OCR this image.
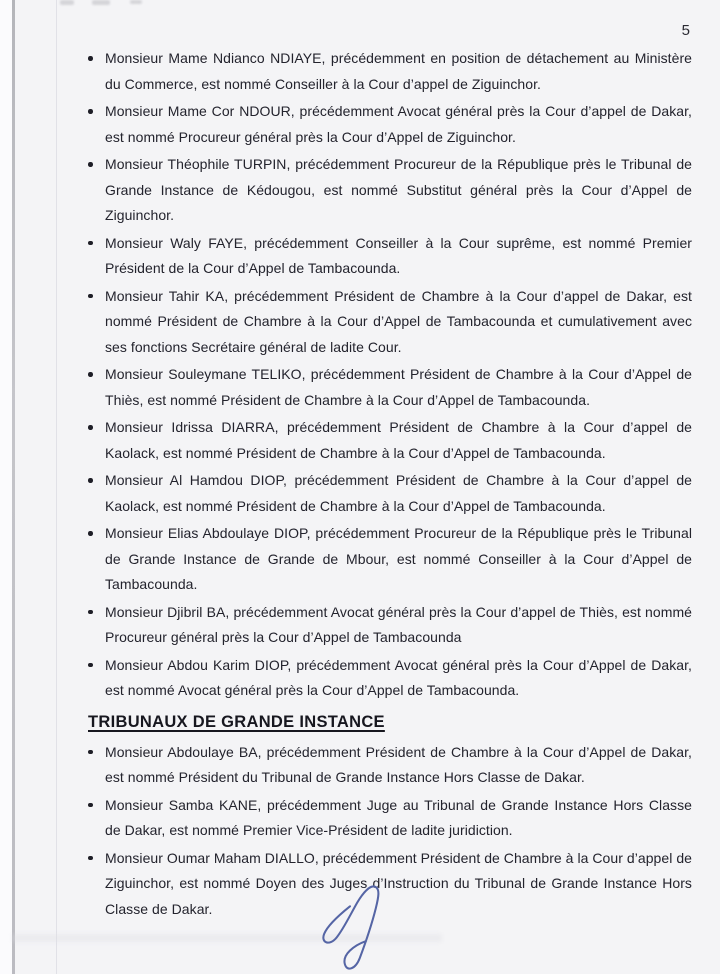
5
Monsieur Mame Ndianco NDIAYE, précédemment en position de détachement au Ministère du Commerce, est nommé Conseiller à la Cour d’appel de Ziguinchor.
Monsieur Mame Cor NDOUR, précédemment Avocat général près la Cour d’appel de Dakar, est nommé Procureur général près la Cour d’Appel de Ziguinchor.
Monsieur Théophile TURPIN, précédemment Procureur de la République près le Tribunal de Grande Instance de Kédougou, est nommé Substitut général près la Cour d’Appel de Ziguinchor.
Monsieur Waly FAYE, précédemment Conseiller à la Cour suprême, est nommé Premier Président de la Cour d’Appel de Tambacounda.
Monsieur Tahir KA, précédemment Président de Chambre à la Cour d’appel de Dakar, est nommé Président de Chambre à la Cour d’Appel de Tambacounda et cumulativement avec ses fonctions Secrétaire général de ladite Cour.
Monsieur Souleymane TELIKO, précédemment Président de Chambre à la Cour d’Appel de Thiès, est nommé Président de Chambre à la Cour d’Appel de Tambacounda.
Monsieur Idrissa DIARRA, précédemment Président de Chambre à la Cour d’appel de Kaolack, est nommé Président de Chambre à la Cour d’Appel de Tambacounda.
Monsieur Al Hamdou DIOP, précédemment Président de Chambre à la Cour d’appel de Kaolack, est nommé Président de Chambre à la Cour d’Appel de Tambacounda.
Monsieur Elias Abdoulaye DIOP, précédemment Procureur de la République près le Tribunal de Grande Instance de Grande de Mbour, est nommé Conseiller à la Cour d’Appel de Tambacounda.
Monsieur Djibril BA, précédemment Avocat général près la Cour d’appel de Thiès, est nommé Procureur général près la Cour d’Appel de Tambacounda
Monsieur Abdou Karim DIOP, précédemment Avocat général près la Cour d’Appel de Dakar, est nommé Avocat général près la Cour d’Appel de Tambacounda.
TRIBUNAUX DE GRANDE INSTANCE
Monsieur Abdoulaye BA, précédemment Président de Chambre à la Cour d’Appel de Dakar, est nommé Président du Tribunal de Grande Instance Hors Classe de Dakar.
Monsieur Samba KANE, précédemment Juge au Tribunal de Grande Instance Hors Classe de Dakar, est nommé Premier Vice-Président de ladite juridiction.
Monsieur Oumar Maham DIALLO, précédemment Président de Chambre à la Cour d’appel de Ziguinchor, est nommé Doyen des Juges d’Instruction du Tribunal de Grande Instance Hors Classe de Dakar.
